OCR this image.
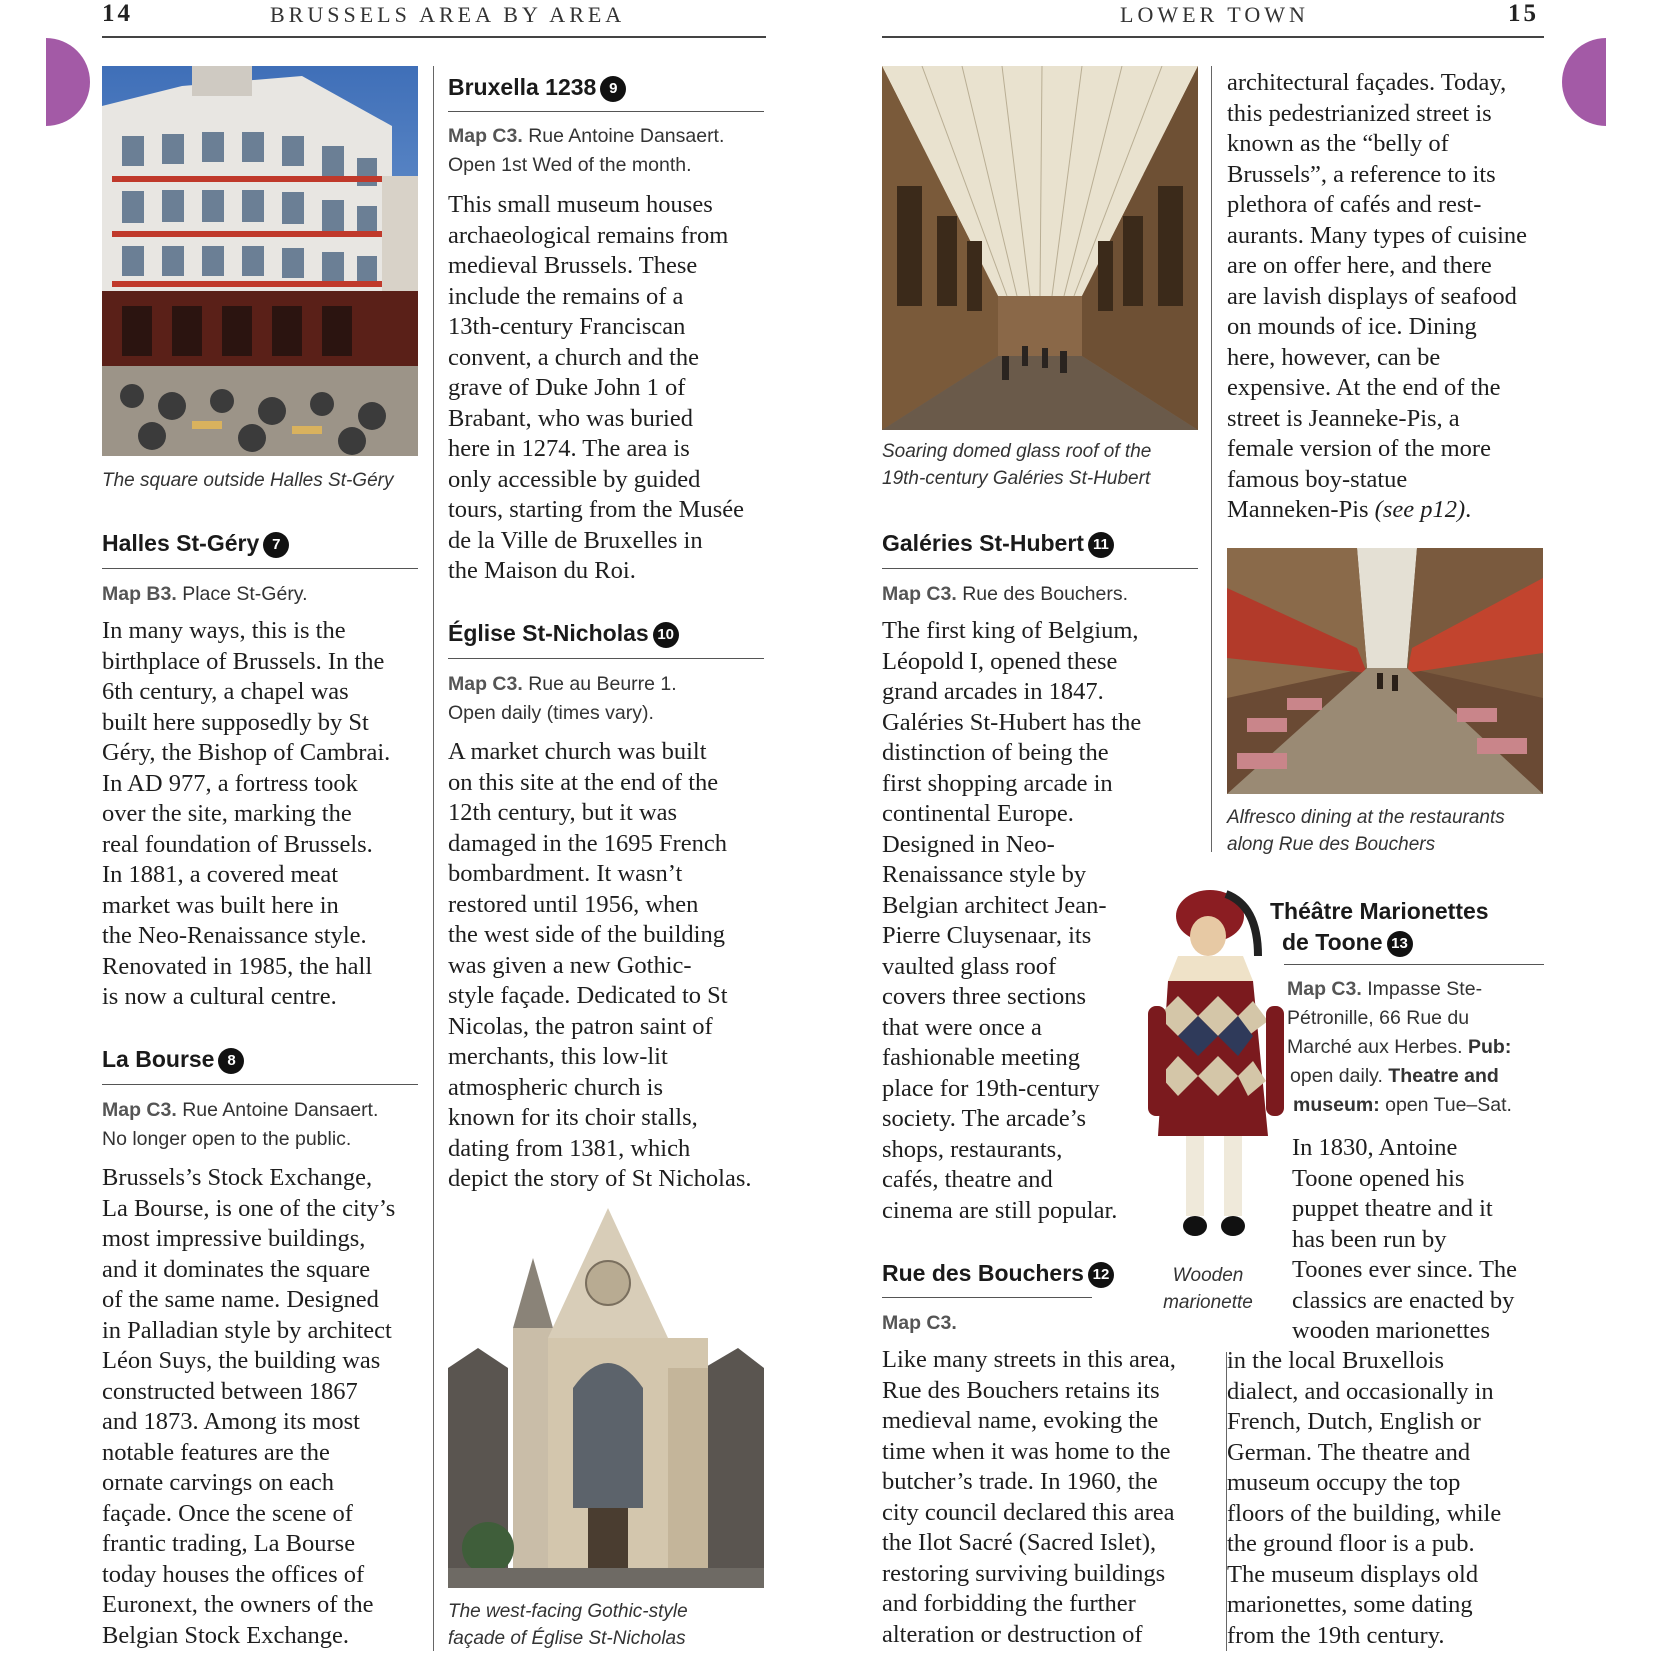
14	BRUSSELS AREA BY AREA	LOWER TOWN	15
The square outside Halles St-Géry
Halles St-Géry 7
Map B3. Place St-Géry.

In many ways, this is the

birthplace of Brussels. In the

6th century, a chapel was

built here supposedly by St

Géry, the Bishop of Cambrai.

In AD 977, a fortress took

over the site, marking the

real foundation of Brussels.

In 1881, a covered meat

market was built here in

the Neo-Renaissance style.

Renovated in 1985, the hall

is now a cultural centre.

La Bourse 8
Map C3. Rue Antoine Dansaert.
No longer open to the public.

Brussels’s Stock Exchange,

La Bourse, is one of the city’s

most impressive buildings,

and it dominates the square

of the same name. Designed

in Palladian style by architect

Léon Suys, the building was

constructed between 1867

and 1873. Among its most

notable features are the

ornate carvings on each

façade. Once the scene of

frantic trading, La Bourse

today houses the offices of

Euronext, the owners of the

Belgian Stock Exchange.

Bruxella 1238 9
Map C3. Rue Antoine Dansaert.
Open 1st Wed of the month.

This small museum houses

archaeological remains from

medieval Brussels. These

include the remains of a

13th-century Franciscan

convent, a church and the

grave of Duke John 1 of

Brabant, who was buried

here in 1274. The area is

only accessible by guided

tours, starting from the Musée

de la Ville de Bruxelles in

the Maison du Roi.

Église St-Nicholas 10
Map C3. Rue au Beurre 1.
Open daily (times vary).

A market church was built

on this site at the end of the

12th century, but it was

damaged in the 1695 French

bombardment. It wasn’t

restored until 1956, when

the west side of the building

was given a new Gothic-

style façade. Dedicated to St

Nicolas, the patron saint of

merchants, this low-lit

atmospheric church is

known for its choir stalls,

dating from 1381, which

depict the story of St Nicholas.

The west-facing Gothic-style
façade of Église St-Nicholas
Soaring domed glass roof of the
19th-century Galéries St-Hubert
Galéries St-Hubert 11
Map C3. Rue des Bouchers.

The first king of Belgium,

Léopold I, opened these

grand arcades in 1847.

Galéries St-Hubert has the

distinction of being the

first shopping arcade in

continental Europe.

Designed in Neo-

Renaissance style by

Belgian architect Jean-

Pierre Cluysenaar, its

vaulted glass roof

covers three sections

that were once a

fashionable meeting

place for 19th-century

society. The arcade’s

shops, restaurants,

cafés, theatre and

cinema are still popular.

Rue des Bouchers 12
Map C3.

Like many streets in this area,

Rue des Bouchers retains its

medieval name, evoking the

time when it was home to the

butcher’s trade. In 1960, the

city council declared this area

the Ilot Sacré (Sacred Islet),

restoring surviving buildings

and forbidding the further

alteration or destruction of

architectural façades. Today,

this pedestrianized street is

known as the “belly of

Brussels”, a reference to its

plethora of cafés and rest-

aurants. Many types of cuisine

are on offer here, and there

are lavish displays of seafood

on mounds of ice. Dining

here, however, can be

expensive. At the end of the

street is Jeanneke-Pis, a

female version of the more

famous boy-statue

Manneken-Pis (see p12).

Alfresco dining at the restaurants
along Rue des Bouchers
Wooden
marionette
Théâtre Marionettes
de Toone 13
Map C3. Impasse Ste-
Pétronille, 66 Rue du
Marché aux Herbes. Pub:
open daily. Theatre and
museum: open Tue–Sat.

In 1830, Antoine

Toone opened his

puppet theatre and it

has been run by

Toones ever since. The

classics are enacted by

wooden marionettes

in the local Bruxellois

dialect, and occasionally in

French, Dutch, English or

German. The theatre and

museum occupy the top

floors of the building, while

the ground floor is a pub.

The museum displays old

marionettes, some dating

from the 19th century.
